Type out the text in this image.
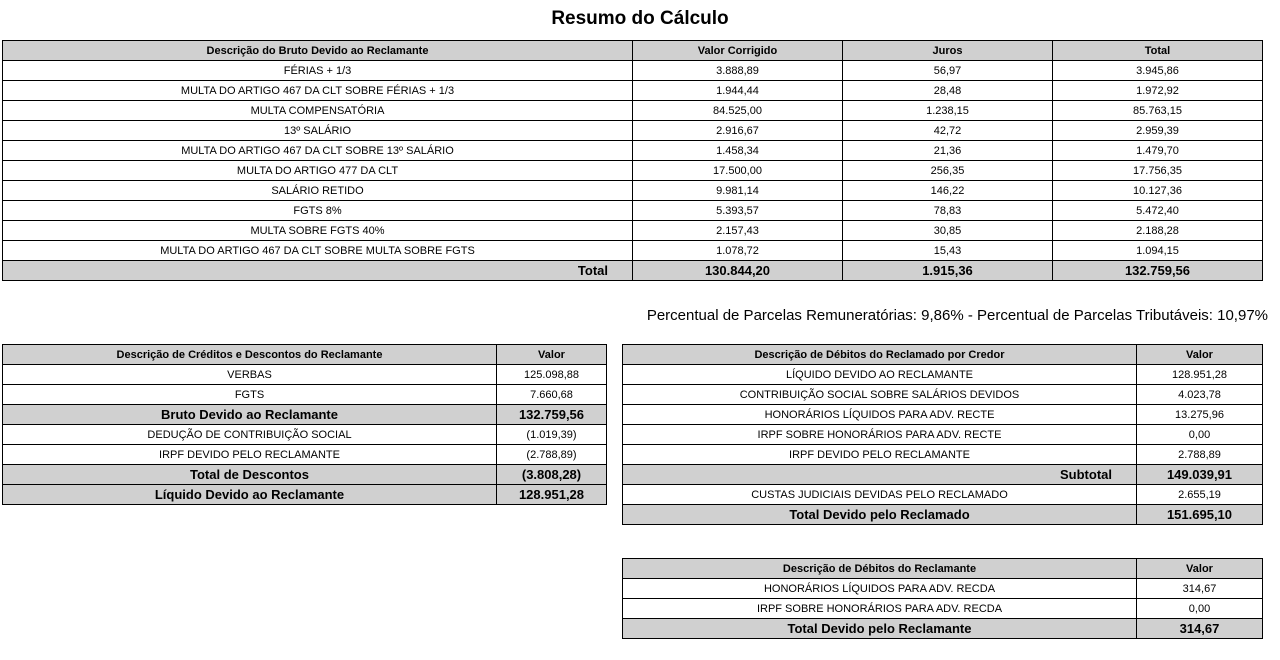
Resumo do Cálculo
Descrição do Bruto Devido ao Reclamante	Valor Corrigido	Juros	Total
FÉRIAS + 1/3	3.888,89	56,97	3.945,86
MULTA DO ARTIGO 467 DA CLT SOBRE FÉRIAS + 1/3	1.944,44	28,48	1.972,92
MULTA COMPENSATÓRIA	84.525,00	1.238,15	85.763,15
13º SALÁRIO	2.916,67	42,72	2.959,39
MULTA DO ARTIGO 467 DA CLT SOBRE 13º SALÁRIO	1.458,34	21,36	1.479,70
MULTA DO ARTIGO 477 DA CLT	17.500,00	256,35	17.756,35
SALÁRIO RETIDO	9.981,14	146,22	10.127,36
FGTS 8%	5.393,57	78,83	5.472,40
MULTA SOBRE FGTS 40%	2.157,43	30,85	2.188,28
MULTA DO ARTIGO 467 DA CLT SOBRE MULTA SOBRE FGTS	1.078,72	15,43	1.094,15
Total	130.844,20	1.915,36	132.759,56
Percentual de Parcelas Remuneratórias: 9,86% - Percentual de Parcelas Tributáveis: 10,97%
Descrição de Créditos e Descontos do Reclamante	Valor
VERBAS	125.098,88
FGTS	7.660,68
Bruto Devido ao Reclamante	132.759,56
DEDUÇÃO DE CONTRIBUIÇÃO SOCIAL	(1.019,39)
IRPF DEVIDO PELO RECLAMANTE	(2.788,89)
Total de Descontos	(3.808,28)
Líquido Devido ao Reclamante	128.951,28
Descrição de Débitos do Reclamado por Credor	Valor
LÍQUIDO DEVIDO AO RECLAMANTE	128.951,28
CONTRIBUIÇÃO SOCIAL SOBRE SALÁRIOS DEVIDOS	4.023,78
HONORÁRIOS LÍQUIDOS PARA ADV. RECTE	13.275,96
IRPF SOBRE HONORÁRIOS PARA ADV. RECTE	0,00
IRPF DEVIDO PELO RECLAMANTE	2.788,89
Subtotal	149.039,91
CUSTAS JUDICIAIS DEVIDAS PELO RECLAMADO	2.655,19
Total Devido pelo Reclamado	151.695,10
Descrição de Débitos do Reclamante	Valor
HONORÁRIOS LÍQUIDOS PARA ADV. RECDA	314,67
IRPF SOBRE HONORÁRIOS PARA ADV. RECDA	0,00
Total Devido pelo Reclamante	314,67
